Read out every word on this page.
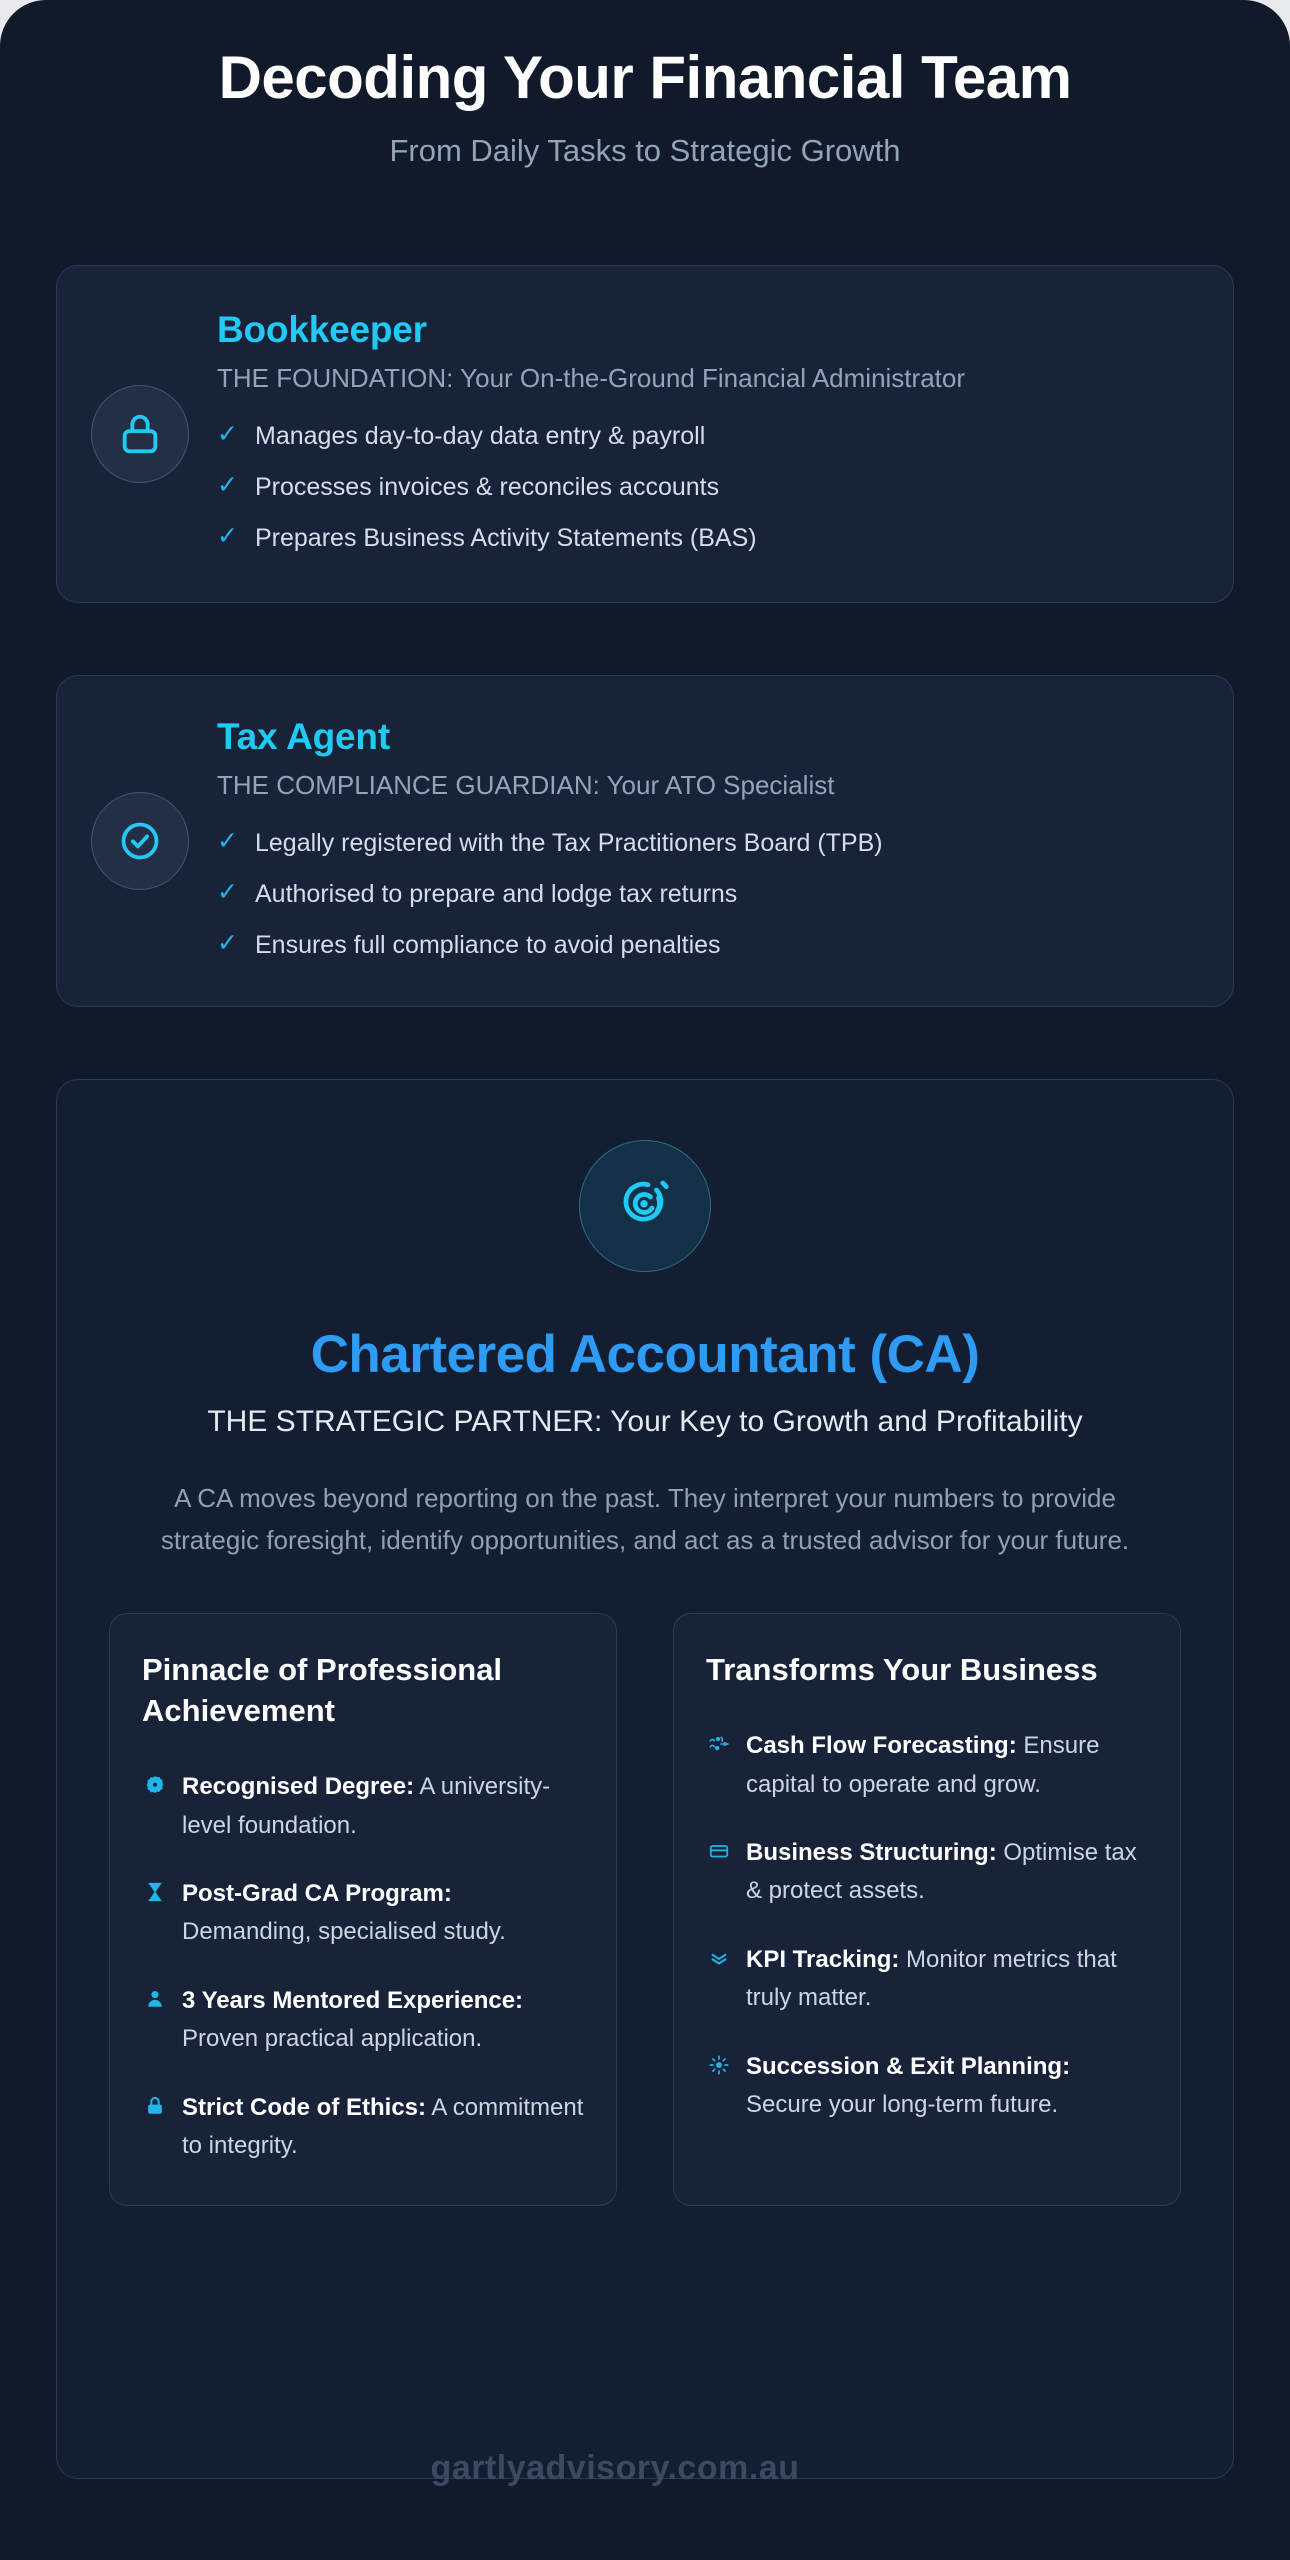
Decoding Your Financial Team
From Daily Tasks to Strategic Growth
Bookkeeper
THE FOUNDATION: Your On-the-Ground Financial Administrator
✓ Manages day-to-day data entry & payroll
✓ Processes invoices & reconciles accounts
✓ Prepares Business Activity Statements (BAS)
Tax Agent
THE COMPLIANCE GUARDIAN: Your ATO Specialist
✓ Legally registered with the Tax Practitioners Board (TPB)
✓ Authorised to prepare and lodge tax returns
✓ Ensures full compliance to avoid penalties
Chartered Accountant (CA)
THE STRATEGIC PARTNER: Your Key to Growth and Profitability
A CA moves beyond reporting on the past. They interpret your numbers to provide strategic foresight, identify opportunities, and act as a trusted advisor for your future.
Pinnacle of Professional Achievement
Recognised Degree: A university-level foundation.
Post-Grad CA Program: Demanding, specialised study.
3 Years Mentored Experience: Proven practical application.
Strict Code of Ethics: A commitment to integrity.
Transforms Your Business
Cash Flow Forecasting: Ensure capital to operate and grow.
Business Structuring: Optimise tax & protect assets.
KPI Tracking: Monitor metrics that truly matter.
Succession & Exit Planning: Secure your long-term future.
gartlyadvisory.com.au
